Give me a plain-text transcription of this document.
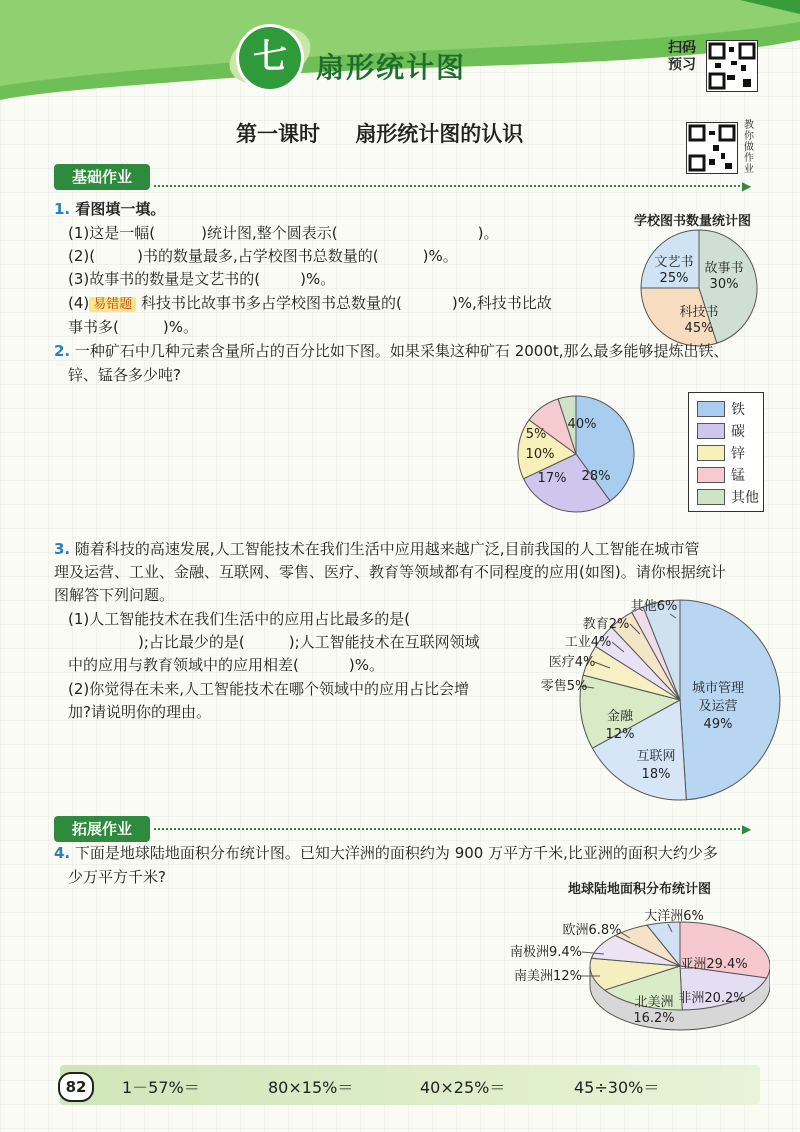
七	扇形统计图
扫码
预习
第一课时 扇形统计图的认识	教
你
做
作
业
基础作业	▶
1. 看图填一填。
(1)这是一幅(	)统计图,整个圆表示(	)。
(2)(	)书的数量最多,占学校图书总数量的(	)%。
(3)故事书的数量是文艺书的(	)%。
(4) 易错题 科技书比故事书多占学校图书总数量的(	)%,科技书比故
事书多(	)%。
学校图书数量统计图
文艺书
25%
故事书
30%
科技书
45%
2. 一种矿石中几种元素含量所占的百分比如下图。如果采集这种矿石 2000t,那么最多能够提炼出铁、
锌、锰各多少吨?
40%
28%
17%
10%
5%
铁
碳
锌
锰
其他
3. 随着科技的高速发展,人工智能技术在我们生活中应用越来越广泛,目前我国的人工智能在城市管
理及运营、工业、金融、互联网、零售、医疗、教育等领域都有不同程度的应用(如图)。请你根据统计
图解答下列问题。
(1)人工智能技术在我们生活中的应用占比最多的是(
);占比最少的是(	);人工智能技术在互联网领域
中的应用与教育领域中的应用相差(	)%。
(2)你觉得在未来,人工智能技术在哪个领域中的应用占比会增
加?请说明你的理由。
城市管理
及运营
49%
互联网
18%
金融
12%
零售5%
医疗4%
工业4%
教育2%
其他6%
拓展作业	▶
4. 下面是地球陆地面积分布统计图。已知大洋洲的面积约为 900 万平方千米,比亚洲的面积大约少多
少万平方千米?
地球陆地面积分布统计图
亚洲29.4%
非洲20.2%
北美洲
16.2%
南美洲12%
南极洲9.4%
欧洲6.8%
大洋洲6%
82	1－57%＝	80×15%＝	40×25%＝	45÷30%＝
